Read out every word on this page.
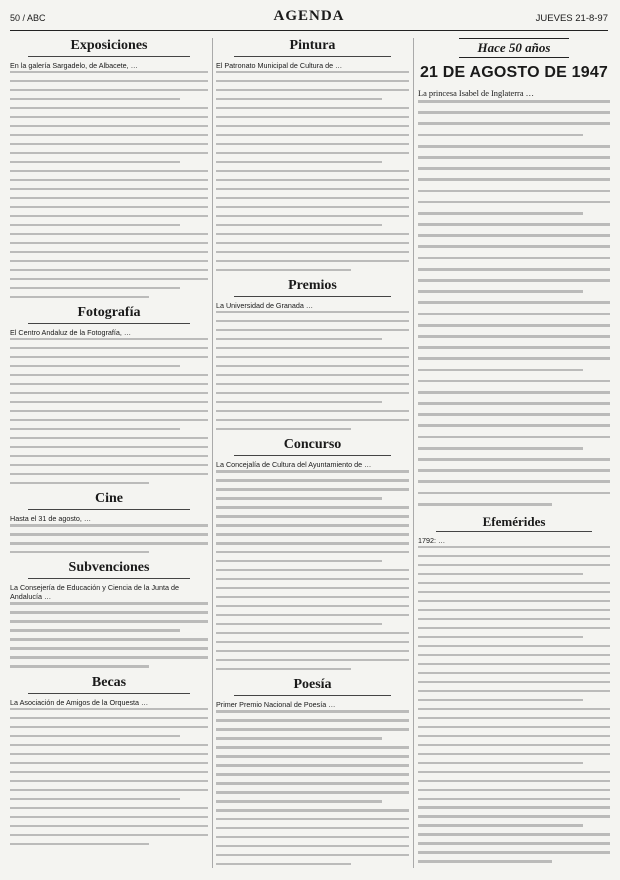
50 / ABC	AGENDA	JUEVES 21-8-97
Exposiciones
En la galería Sargadelo, de Albacete, …
Fotografía
El Centro Andaluz de la Fotografía, …
Cine
Hasta el 31 de agosto, …
Subvenciones
La Consejería de Educación y Ciencia de la Junta de Andalucía …
Becas
La Asociación de Amigos de la Orquesta …
Pintura
El Patronato Municipal de Cultura de …
Premios
La Universidad de Granada …
Concurso
La Concejalía de Cultura del Ayuntamiento de …
Poesía
Primer Premio Nacional de Poesía …
Hace 50 años
21 DE AGOSTO DE 1947
La princesa Isabel de Inglaterra …
Efemérides
1792: …
